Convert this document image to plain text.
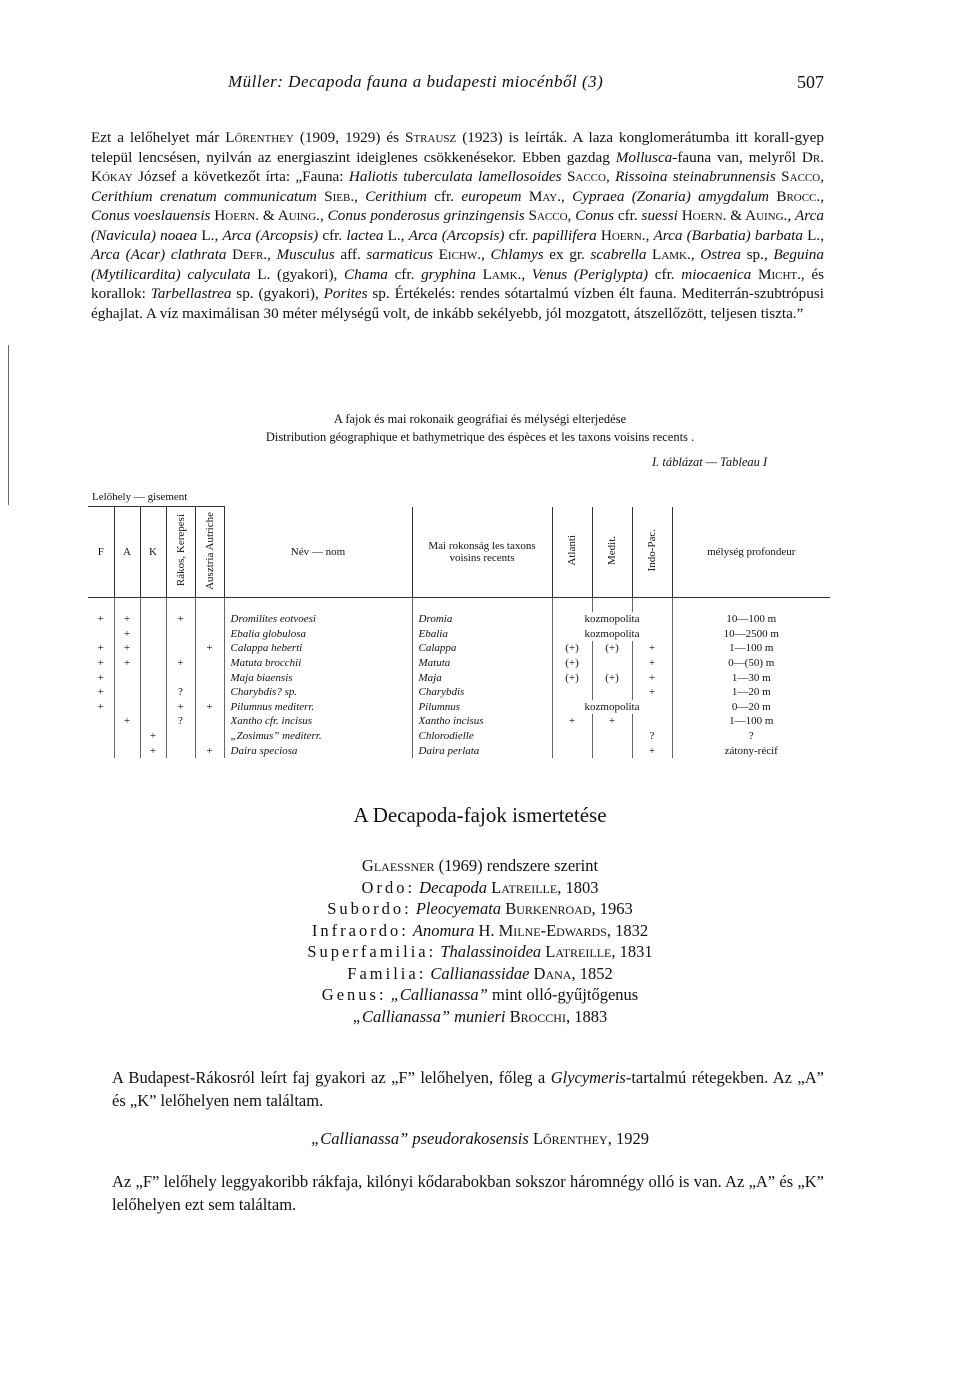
Müller: Decapoda fauna a budapesti miocénből (3)	507

Ezt a lelőhelyet már Lőrenthey (1909, 1929) és Strausz (1923) is leírták. A laza konglomerátumba itt korall-gyep települ lencsésen, nyilván az energiaszint ideiglenes csökkenésekor. Ebben gazdag Mollusca-fauna van, melyről Dr. Kókay József a következőt írta: „Fauna: Haliotis tuberculata lamellosoides Sacco, Rissoina steinabrunnensis Sacco, Cerithium crenatum communicatum Sieb., Cerithium cfr. europeum May., Cypraea (Zonaria) amygdalum Brocc., Conus voeslauensis Hoern. & Auing., Conus ponderosus grinzingensis Sacco, Conus cfr. suessi Hoern. & Auing., Arca (Navicula) noaea L., Arca (Arcopsis) cfr. lactea L., Arca (Arcopsis) cfr. papillifera Hoern., Arca (Barbatia) barbata L., Arca (Acar) clathrata Defr., Musculus aff. sarmaticus Eichw., Chlamys ex gr. scabrella Lamk., Ostrea sp., Beguina (Mytilicardita) calyculata L. (gyakori), Chama cfr. gryphina Lamk., Venus (Periglypta) cfr. miocaenica Micht., és korallok: Tarbellastrea sp. (gyakori), Porites sp. Értékelés: rendes sótartalmú vízben élt fauna. Mediterrán-szubtrópusi éghajlat. A víz maximálisan 30 méter mélységű volt, de inkább sekélyebb, jól mozgatott, átszellőzött, teljesen tiszta.”

A fajok és mai rokonaik geográfiai és mélységi elterjedése
Distribution géographique et bathymetrique des éspèces et les taxons voisins recents .
I. táblázat — Tableau I
Lelőhely — gisement										
F	A	K	Rákos, Kerepesi	Ausztria Autriche	Név — nom	Mai rokonság les taxons voisins recents	Atlanti	Medit.	Indo-Pac.	mélység profondeur

+	+		+		Dromilites eotvoesi	Dromia	kozmopolita			10—100 m
	+				Ebalia globulosa	Ebalia	kozmopolita			10—2500 m
+	+			+	Calappa heberti	Calappa	(+)	(+)	+	1—100 m
+	+		+		Matuta brocchii	Matuta	(+)		+	0—(50) m
+					Maja biaensis	Maja	(+)	(+)	+	1—30 m
+			?		Charybdis? sp.	Charybdis			+	1—20 m
+			+	+	Pilumnus mediterr.	Pilumnus	kozmopolita			0—20 m
	+		?		Xantho cfr. incisus	Xantho incisus	+	+		1—100 m
		+			„Zosimus” mediterr.	Chlorodielle			?	?
		+		+	Daira speciosa	Daira perlata			+	zátony-récif
A Decapoda-fajok ismertetése
Glaessner (1969) rendszere szerint
Ordo: Decapoda Latreille, 1803
Subordo: Pleocyemata Burkenroad, 1963
Infraordo: Anomura H. Milne-Edwards, 1832
Superfamilia: Thalassinoidea Latreille, 1831
Familia: Callianassidae Dana, 1852
Genus: „Callianassa” mint olló-gyűjtőgenus
„Callianassa” munieri Brocchi, 1883
A Budapest-Rákosról leírt faj gyakori az „F” lelőhelyen, főleg a Glycymeris-tartalmú rétegekben. Az „A” és „K” lelőhelyen nem találtam.
„Callianassa” pseudorakosensis Lőrenthey, 1929
Az „F” lelőhely leggyakoribb rákfaja, kilónyi kődarabokban sokszor háromnégy olló is van. Az „A” és „K” lelőhelyen ezt sem találtam.
